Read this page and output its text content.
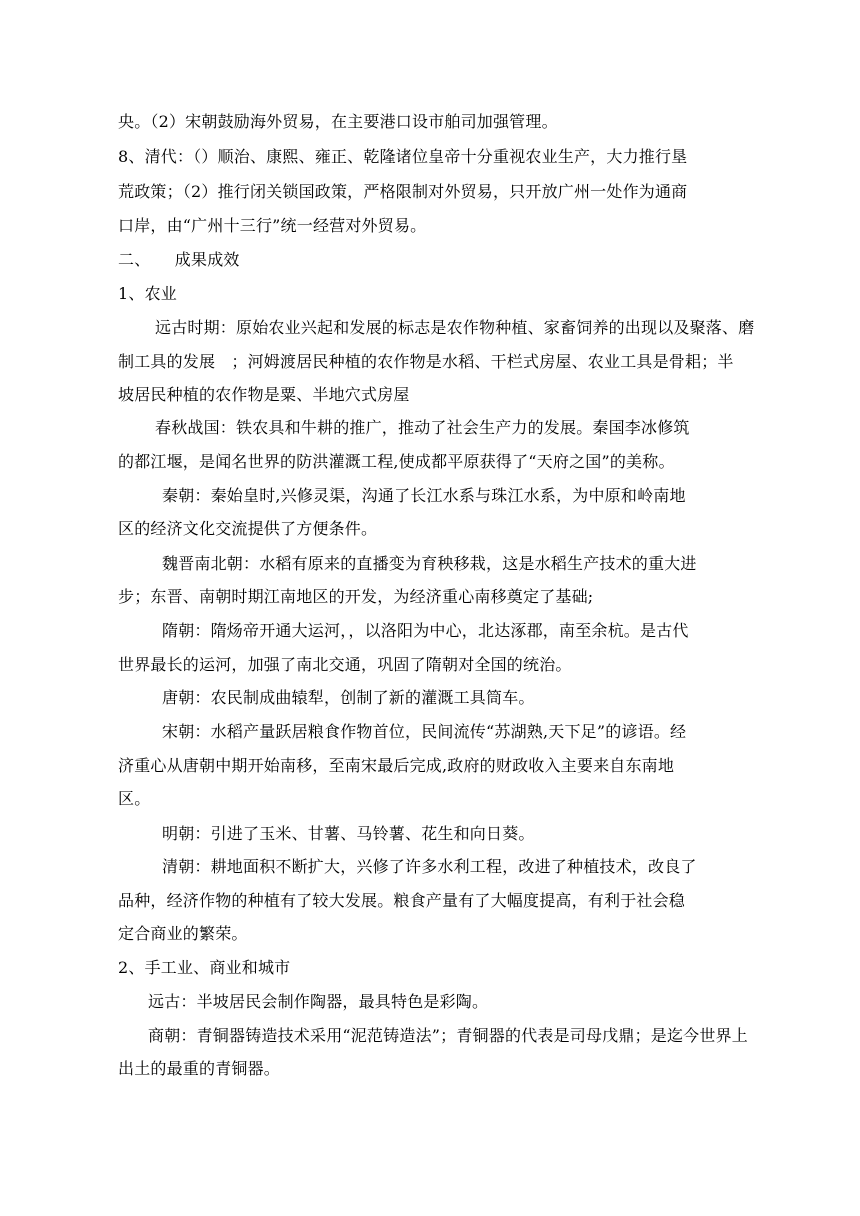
央。（2）宋朝鼓励海外贸易，在主要港口设市舶司加强管理。
8、清代：（）顺治、康熙、雍正、乾隆诸位皇帝十分重视农业生产，大力推行垦
荒政策；（2）推行闭关锁国政策，严格限制对外贸易，只开放广州一处作为通商
口岸，由“广州十三行”统一经营对外贸易。
二、　　成果成效
1、农业
远古时期：原始农业兴起和发展的标志是农作物种植、家畜饲养的出现以及聚落、磨
制工具的发展　；河姆渡居民种植的农作物是水稻、干栏式房屋、农业工具是骨耜；半
坡居民种植的农作物是粟、半地穴式房屋
春秋战国：铁农具和牛耕的推广，推动了社会生产力的发展。秦国李冰修筑
的都江堰，是闻名世界的防洪灌溉工程,使成都平原获得了“天府之国”的美称。
秦朝：秦始皇时,兴修灵渠，沟通了长江水系与珠江水系，为中原和岭南地
区的经济文化交流提供了方便条件。
魏晋南北朝：水稻有原来的直播变为育秧移栽，这是水稻生产技术的重大进
步；东晋、南朝时期江南地区的开发，为经济重心南移奠定了基础;
隋朝：隋炀帝开通大运河，，以洛阳为中心，北达涿郡，南至余杭。是古代
世界最长的运河，加强了南北交通，巩固了隋朝对全国的统治。
唐朝：农民制成曲辕犁，创制了新的灌溉工具筒车。
宋朝：水稻产量跃居粮食作物首位，民间流传“苏湖熟,天下足”的谚语。经
济重心从唐朝中期开始南移，至南宋最后完成,政府的财政收入主要来自东南地
区。
明朝：引进了玉米、甘薯、马铃薯、花生和向日葵。
清朝：耕地面积不断扩大，兴修了许多水利工程，改进了种植技术，改良了
品种，经济作物的种植有了较大发展。粮食产量有了大幅度提高，有利于社会稳
定合商业的繁荣。
2、手工业、商业和城市
远古：半坡居民会制作陶器，最具特色是彩陶。
商朝：青铜器铸造技术采用“泥范铸造法”；青铜器的代表是司母戊鼎；是迄今世界上
出土的最重的青铜器。
